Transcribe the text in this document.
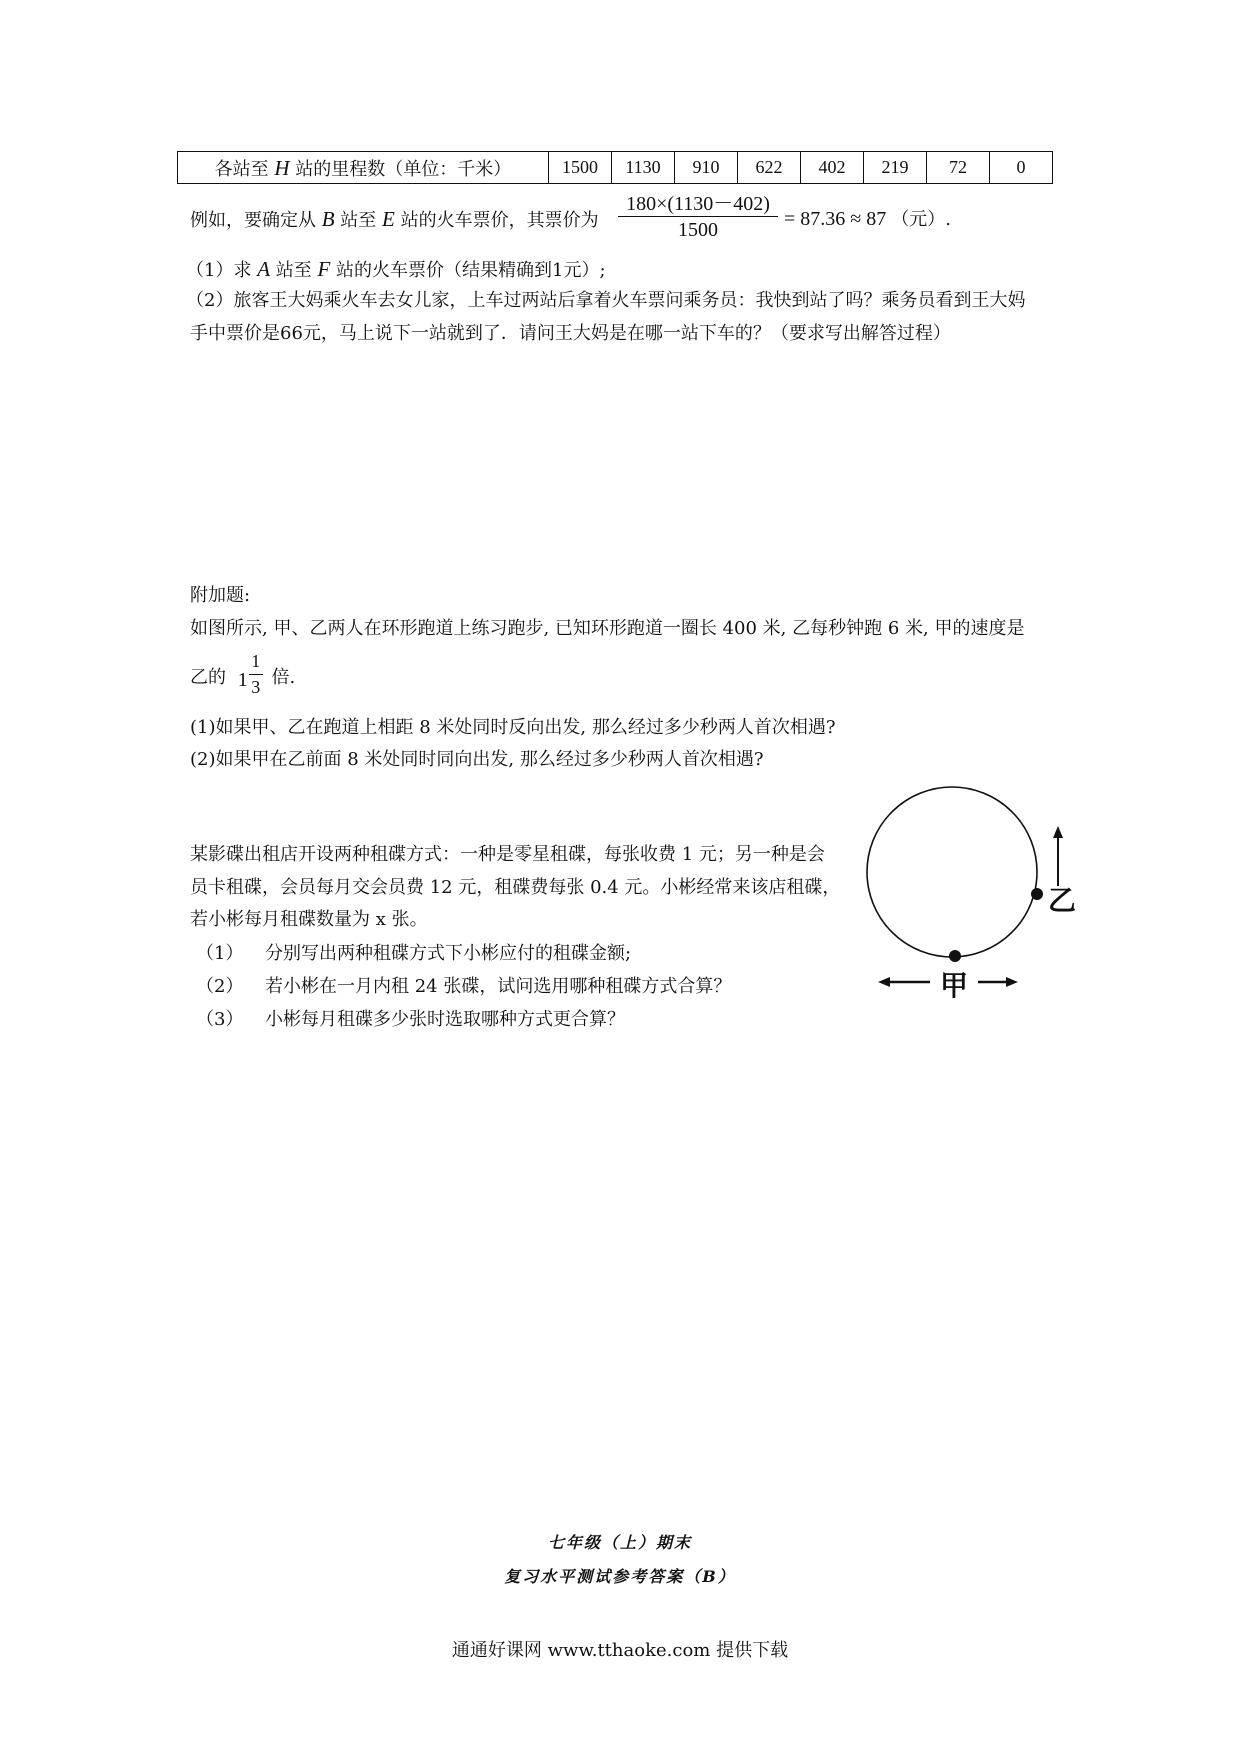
各站至 H 站的里程数（单位：千米）	1500	1130	910	622	402	219	72	0
例如，要确定从 B 站至 E 站的火车票价，其票价为 $\frac{180\times(1130-402)}{1500} = 87.36 \approx 87$ （元）.
（1）求 A 站至 F 站的火车票价（结果精确到1元）;
（2）旅客王大妈乘火车去女儿家，上车过两站后拿着火车票问乘务员：我快到站了吗？乘务员看到王大妈
手中票价是66元，马上说下一站就到了．请问王大妈是在哪一站下车的？（要求写出解答过程）
附加题:
如图所示, 甲、乙两人在环形跑道上练习跑步, 已知环形跑道一圈长 400 米, 乙每秒钟跑 6 米, 甲的速度是
乙的 1
1
3 倍.
(1)如果甲、乙在跑道上相距 8 米处同时反向出发, 那么经过多少秒两人首次相遇?
(2)如果甲在乙前面 8 米处同时同向出发, 那么经过多少秒两人首次相遇?
某影碟出租店开设两种租碟方式：一种是零星租碟，每张收费 1 元；另一种是会
员卡租碟，会员每月交会员费 12 元，租碟费每张 0.4 元。小彬经常来该店租碟，
若小彬每月租碟数量为 x 张。
（1） 分别写出两种租碟方式下小彬应付的租碟金额;
（2） 若小彬在一月内租 24 张碟，试问选用哪种租碟方式合算？
（3） 小彬每月租碟多少张时选取哪种方式更合算？
乙
甲
七年级（上）期末
复习水平测试参考答案（B）
通通好课网 www.tthaoke.com 提供下载
